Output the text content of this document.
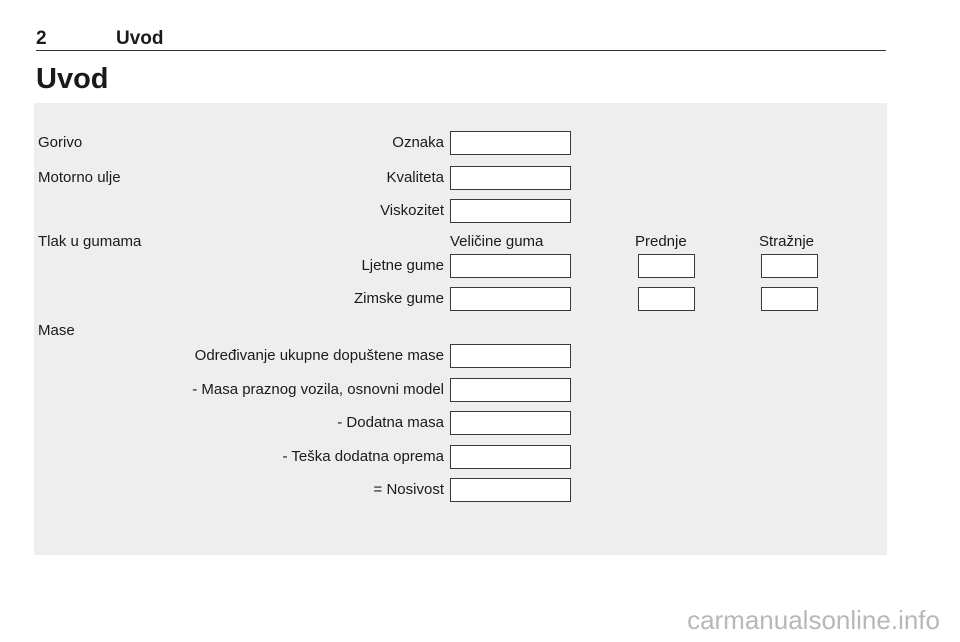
2	Uvod
Uvod
Gorivo	Oznaka
Motorno ulje	Kvaliteta
Viskozitet
Tlak u gumama	Veličine guma	Prednje	Stražnje
Ljetne gume
Zimske gume
Mase
Određivanje ukupne dopuštene mase
- Masa praznog vozila, osnovni model
- Dodatna masa
- Teška dodatna oprema
= Nosivost
carmanualsonline.info
